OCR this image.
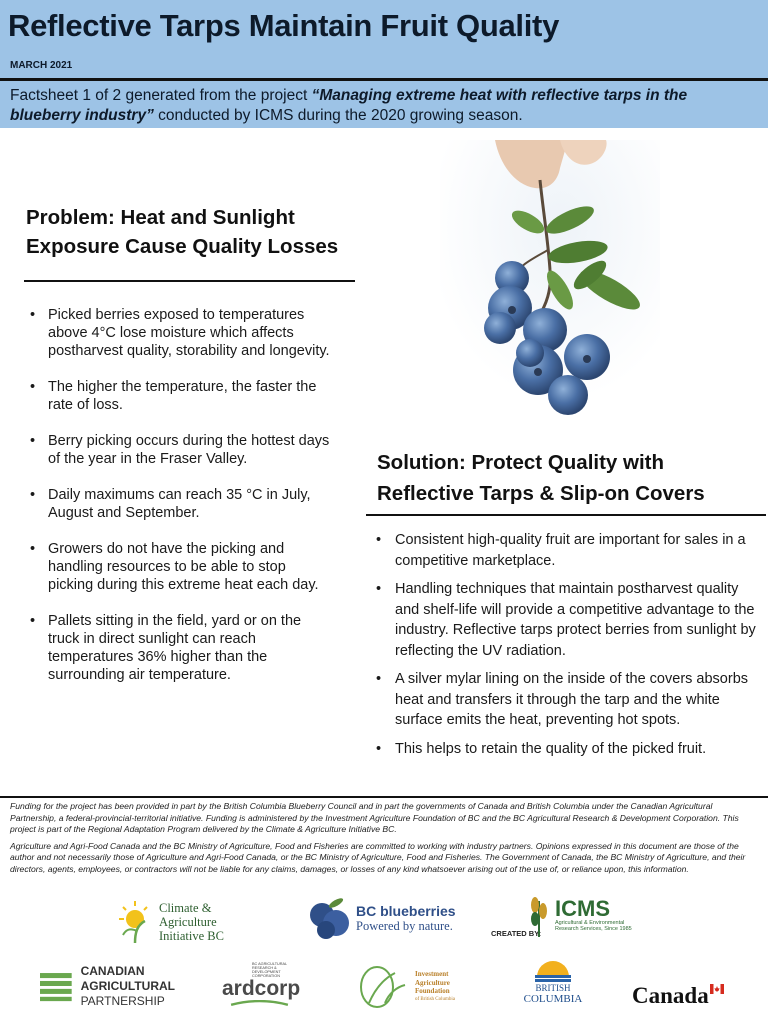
Reflective Tarps Maintain Fruit Quality
MARCH 2021
Factsheet 1 of 2 generated from the project “Managing extreme heat with reflective tarps in the blueberry industry” conducted by ICMS during the 2020 growing season.
Problem: Heat and Sunlight Exposure Cause Quality Losses
• Picked berries exposed to temperatures above 4°C lose moisture which affects postharvest quality, storability and longevity.
• The higher the temperature, the faster the rate of loss.
• Berry picking occurs during the hottest days of the year in the Fraser Valley.
• Daily maximums can reach 35 °C in July, August and September.
• Growers do not have the picking and handling resources to be able to stop picking during this extreme heat each day.
• Pallets sitting in the field, yard or on the truck in direct sunlight can reach temperatures 36% higher than the surrounding air temperature.
Solution: Protect Quality with Reflective Tarps & Slip-on Covers
• Consistent high-quality fruit are important for sales in a competitive marketplace.
• Handling techniques that maintain postharvest quality and shelf-life will provide a competitive advantage to the industry. Reflective tarps protect berries from sunlight by reflecting the UV radiation.
• A silver mylar lining on the inside of the covers absorbs heat and transfers it through the tarp and the white surface emits the heat, preventing hot spots.
• This helps to retain the quality of the picked fruit.

Funding for the project has been provided in part by the British Columbia Blueberry Council and in part the governments of Canada and British Columbia under the Canadian Agricultural Partnership, a federal-provincial-territorial initiative. Funding is administered by the Investment Agriculture Foundation of BC and the BC Agricultural Research & Development Corporation. This project is part of the Regional Adaptation Program delivered by the Climate & Agriculture Initiative BC.

Agriculture and Agri-Food Canada and the BC Ministry of Agriculture, Food and Fisheries are committed to working with industry partners. Opinions expressed in this document are those of the author and not necessarily those of Agriculture and Agri-Food Canada, or the BC Ministry of Agriculture, Food and Fisheries. The Government of Canada, the BC Ministry of Agriculture, and their directors, agents, employees, or contractors will not be liable for any claims, damages, or losses of any kind whatsoever arising out of the use of, or reliance upon, this information.

Climate &
Agriculture
Initiative BC
BC blueberries
Powered by nature.
CREATED BY:
ICMS
Agricultural & Environmental
Research Services, Since 1985
CANADIAN
AGRICULTURAL
PARTNERSHIP
BC AGRICULTURAL RESEARCH &
DEVELOPMENT CORPORATION
ardcorp
Investment
Agriculture
Foundation
of British Columbia
BRITISH
COLUMBIA Canada
